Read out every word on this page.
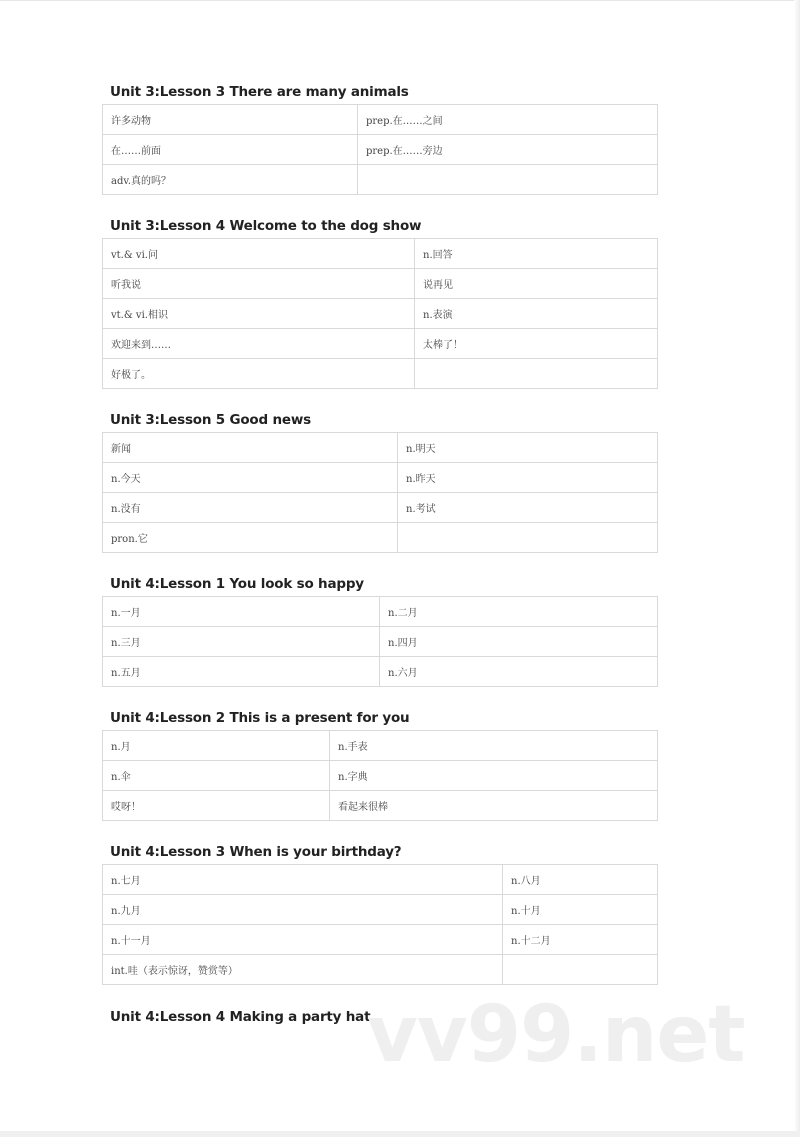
Unit 3:Lesson 3 There are many animals
许多动物	prep.在……之间
在……前面	prep.在……旁边
adv.真的吗？	
Unit 3:Lesson 4 Welcome to the dog show
vt.& vi.问	n.回答
听我说	说再见
vt.& vi.相识	n.表演
欢迎来到……	太棒了！
好极了。	
Unit 3:Lesson 5 Good news
新闻	n.明天
n.今天	n.昨天
n.没有	n.考试
pron.它	
Unit 4:Lesson 1 You look so happy
n.一月	n.二月
n.三月	n.四月
n.五月	n.六月
Unit 4:Lesson 2 This is a present for you
n.月	n.手表
n.伞	n.字典
哎呀！	看起来很棒
Unit 4:Lesson 3 When is your birthday?
n.七月	n.八月
n.九月	n.十月
n.十一月	n.十二月
int.哇（表示惊讶，赞赏等）	
Unit 4:Lesson 4 Making a party hat
vv99.net
